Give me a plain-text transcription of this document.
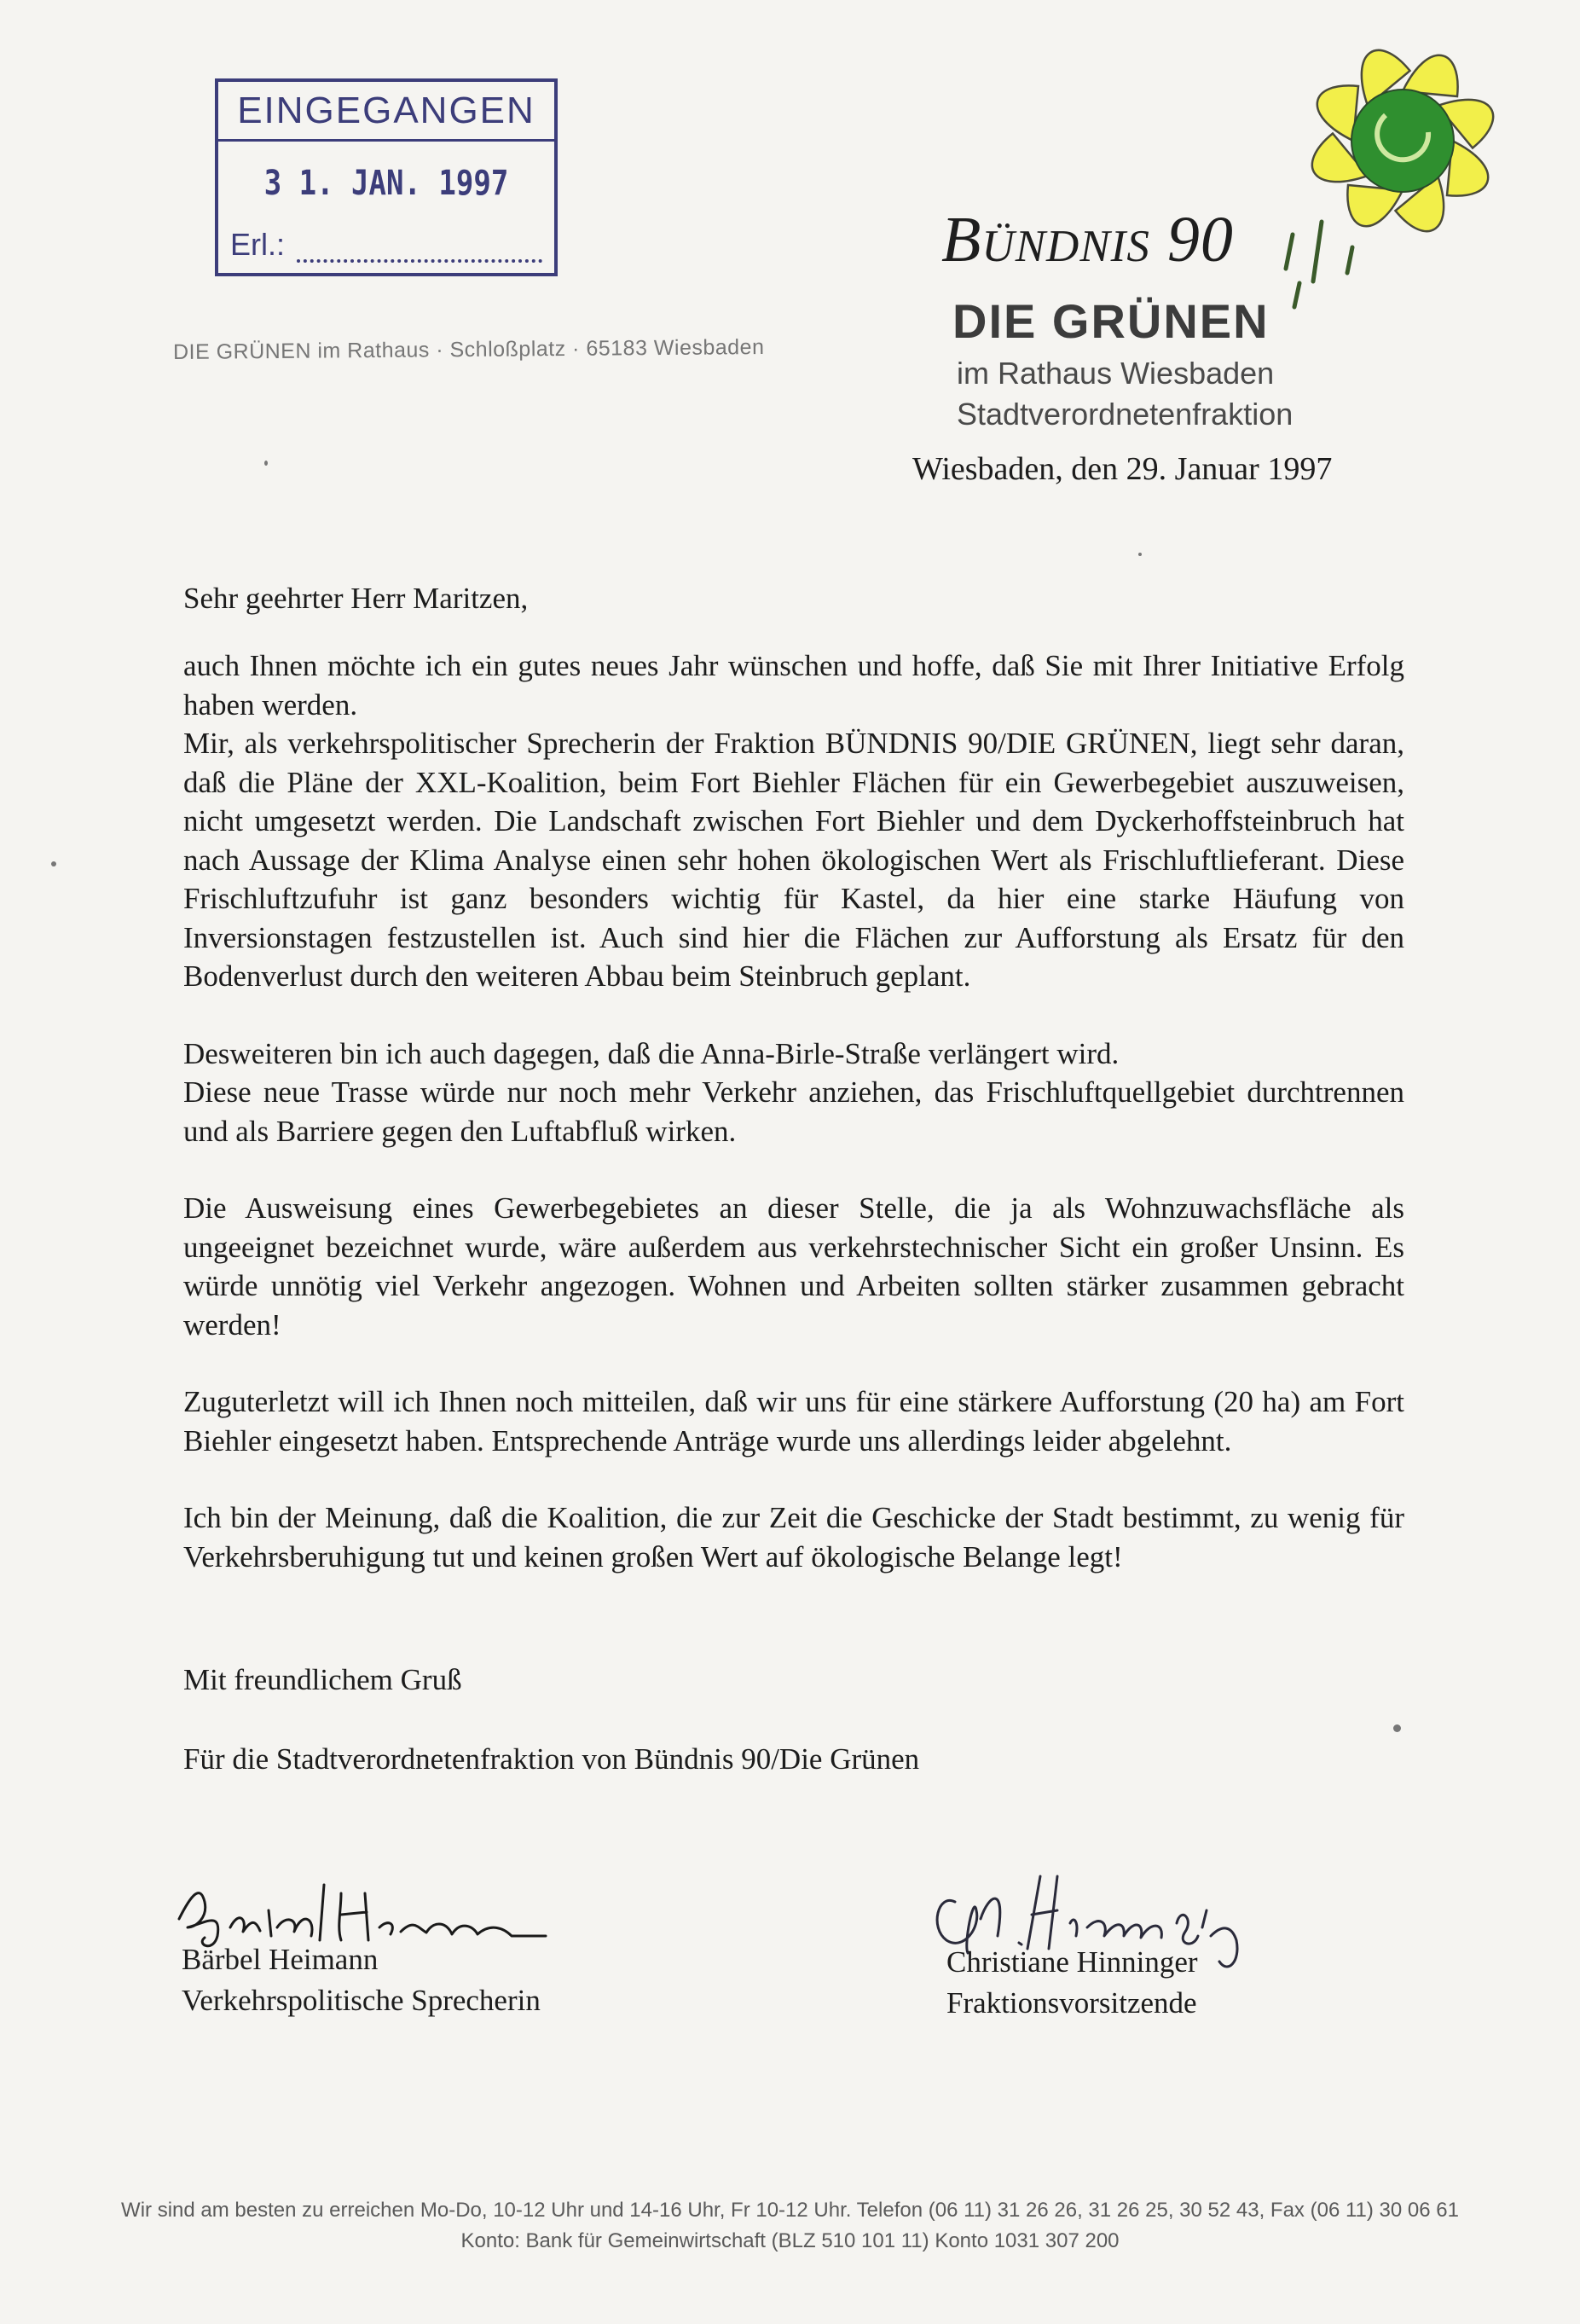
EINGEGANGEN
3 1. JAN. 1997
Erl.:
DIE GRÜNEN im Rathaus · Schloßplatz · 65183 Wiesbaden
Bündnis 90
DIE GRÜNEN
im Rathaus Wiesbaden
Stadtverordnetenfraktion
Wiesbaden, den 29. Januar 1997
Sehr geehrter Herr Maritzen,

auch Ihnen möchte ich ein gutes neues Jahr wünschen und hoffe, daß Sie mit Ihrer Initiative Erfolg haben werden.

Mir, als verkehrspolitischer Sprecherin der Fraktion BÜNDNIS 90/DIE GRÜNEN, liegt sehr daran, daß die Pläne der XXL-Koalition, beim Fort Biehler Flächen für ein Gewerbegebiet auszuweisen, nicht umgesetzt werden. Die Landschaft zwischen Fort Biehler und dem Dyckerhoffsteinbruch hat nach Aussage der Klima Analyse einen sehr hohen ökologischen Wert als Frischluftlieferant. Diese Frischluftzufuhr ist ganz besonders wichtig für Kastel, da hier eine starke Häufung von Inversionstagen festzustellen ist. Auch sind hier die Flächen zur Aufforstung als Ersatz für den Bodenverlust durch den weiteren Abbau beim Steinbruch geplant.

Desweiteren bin ich auch dagegen, daß die Anna-Birle-Straße verlängert wird.

Diese neue Trasse würde nur noch mehr Verkehr anziehen, das Frischluftquellgebiet durchtrennen und als Barriere gegen den Luftabfluß wirken.

Die Ausweisung eines Gewerbegebietes an dieser Stelle, die ja als Wohnzuwachsfläche als ungeeignet bezeichnet wurde, wäre außerdem aus verkehrstechnischer Sicht ein großer Unsinn. Es würde unnötig viel Verkehr angezogen. Wohnen und Arbeiten sollten stärker zusammen gebracht werden!

Zuguterletzt will ich Ihnen noch mitteilen, daß wir uns für eine stärkere Aufforstung (20 ha) am Fort Biehler eingesetzt haben. Entsprechende Anträge wurde uns allerdings leider abgelehnt.

Ich bin der Meinung, daß die Koalition, die zur Zeit die Geschicke der Stadt bestimmt, zu wenig für Verkehrsberuhigung tut und keinen großen Wert auf ökologische Belange legt!

Mit freundlichem Gruß
Für die Stadtverordnetenfraktion von Bündnis 90/Die Grünen
Bärbel Heimann
Verkehrspolitische Sprecherin
Christiane Hinninger
Fraktionsvorsitzende
Wir sind am besten zu erreichen Mo-Do, 10-12 Uhr und 14-16 Uhr, Fr 10-12 Uhr. Telefon (06 11) 31 26 26, 31 26 25, 30 52 43, Fax (06 11) 30 06 61
Konto: Bank für Gemeinwirtschaft (BLZ 510 101 11) Konto 1031 307 200
